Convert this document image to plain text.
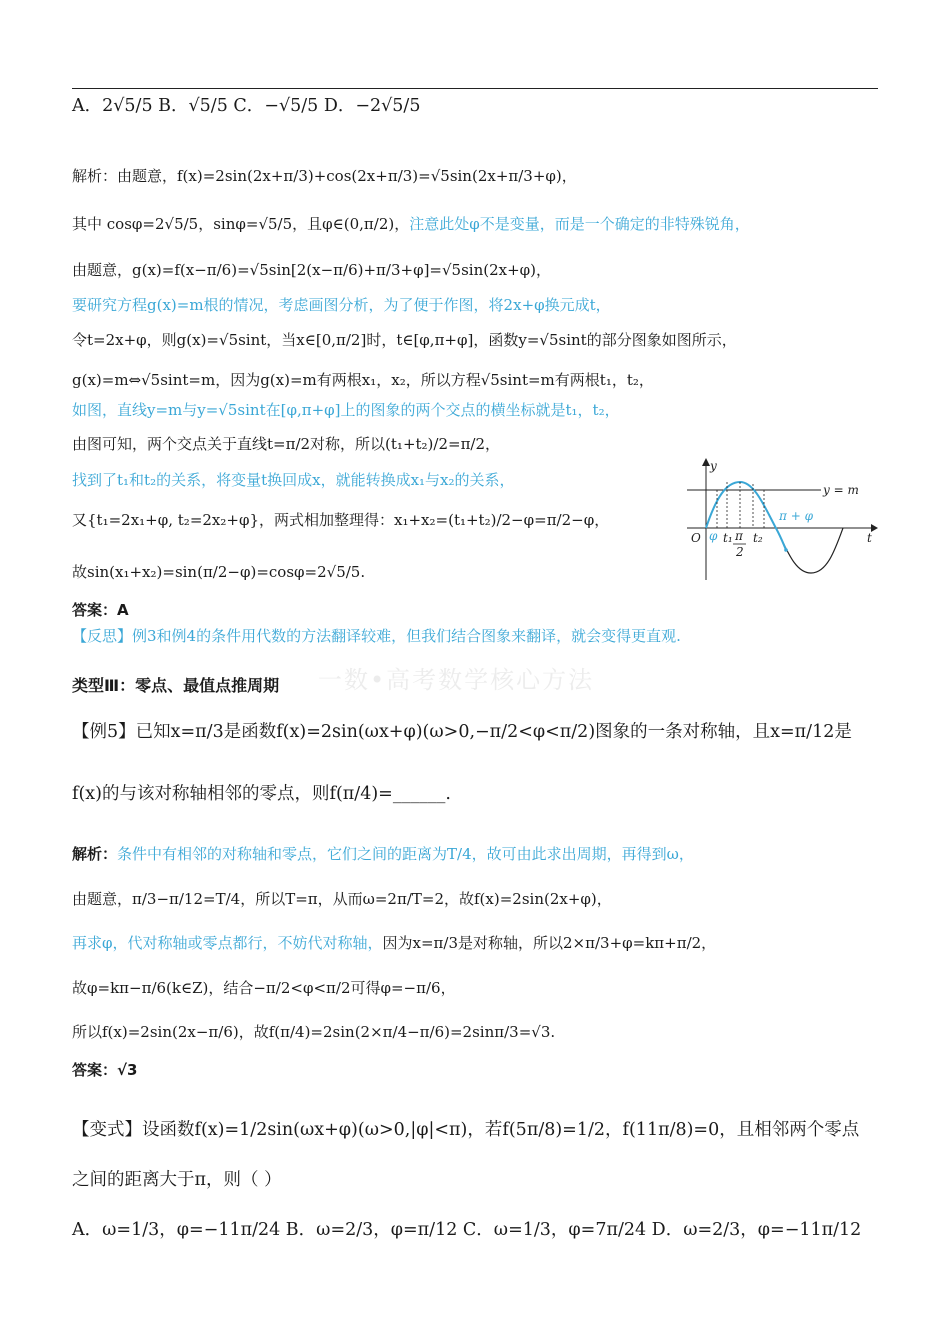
A．2√5/5 B．√5/5 C．−√5/5 D．−2√5/5
解析：由题意，f(x)=2sin(2x+π/3)+cos(2x+π/3)=√5sin(2x+π/3+φ)，
其中 cosφ=2√5/5，sinφ=√5/5，且φ∈(0,π/2)，注意此处φ不是变量，而是一个确定的非特殊锐角，
由题意，g(x)=f(x−π/6)=√5sin[2(x−π/6)+π/3+φ]=√5sin(2x+φ)，
要研究方程g(x)=m根的情况，考虑画图分析，为了便于作图，将2x+φ换元成t，
令t=2x+φ，则g(x)=√5sint，当x∈[0,π/2]时，t∈[φ,π+φ]，函数y=√5sint的部分图象如图所示，
g(x)=m⇔√5sint=m，因为g(x)=m有两根x₁，x₂，所以方程√5sint=m有两根t₁，t₂，
如图，直线y=m与y=√5sint在[φ,π+φ]上的图象的两个交点的横坐标就是t₁，t₂，
由图可知，两个交点关于直线t=π/2对称，所以(t₁+t₂)/2=π/2，
找到了t₁和t₂的关系，将变量t换回成x，就能转换成x₁与x₂的关系，
又{t₁=2x₁+φ, t₂=2x₂+φ}，两式相加整理得：x₁+x₂=(t₁+t₂)/2−φ=π/2−φ，
故sin(x₁+x₂)=sin(π/2−φ)=cosφ=2√5/5.
答案：A
【反思】例3和例4的条件用代数的方法翻译较难，但我们结合图象来翻译，就会变得更直观.
一数•高考数学核心方法
类型Ⅲ：零点、最值点推周期
【例5】已知x=π/3是函数f(x)=2sin(ωx+φ)(ω>0,−π/2<φ<π/2)图象的一条对称轴，且x=π/12是
f(x)的与该对称轴相邻的零点，则f(π/4)=______.
解析：条件中有相邻的对称轴和零点，它们之间的距离为T/4，故可由此求出周期，再得到ω，
由题意，π/3−π/12=T/4，所以T=π，从而ω=2π/T=2，故f(x)=2sin(2x+φ)，
再求φ，代对称轴或零点都行，不妨代对称轴，因为x=π/3是对称轴，所以2×π/3+φ=kπ+π/2，
故φ=kπ−π/6(k∈Z)，结合−π/2<φ<π/2可得φ=−π/6，
所以f(x)=2sin(2x−π/6)，故f(π/4)=2sin(2×π/4−π/6)=2sinπ/3=√3.
答案：√3
【变式】设函数f(x)=1/2sin(ωx+φ)(ω>0,|φ|<π)，若f(5π/8)=1/2，f(11π/8)=0，且相邻两个零点
之间的距离大于π，则（ ）
A．ω=1/3，φ=−11π/24 B．ω=2/3，φ=π/12 C．ω=1/3，φ=7π/24 D．ω=2/3，φ=−11π/12
y
t
O
y = m
φ t₁ π
2
t₂
π + φ
